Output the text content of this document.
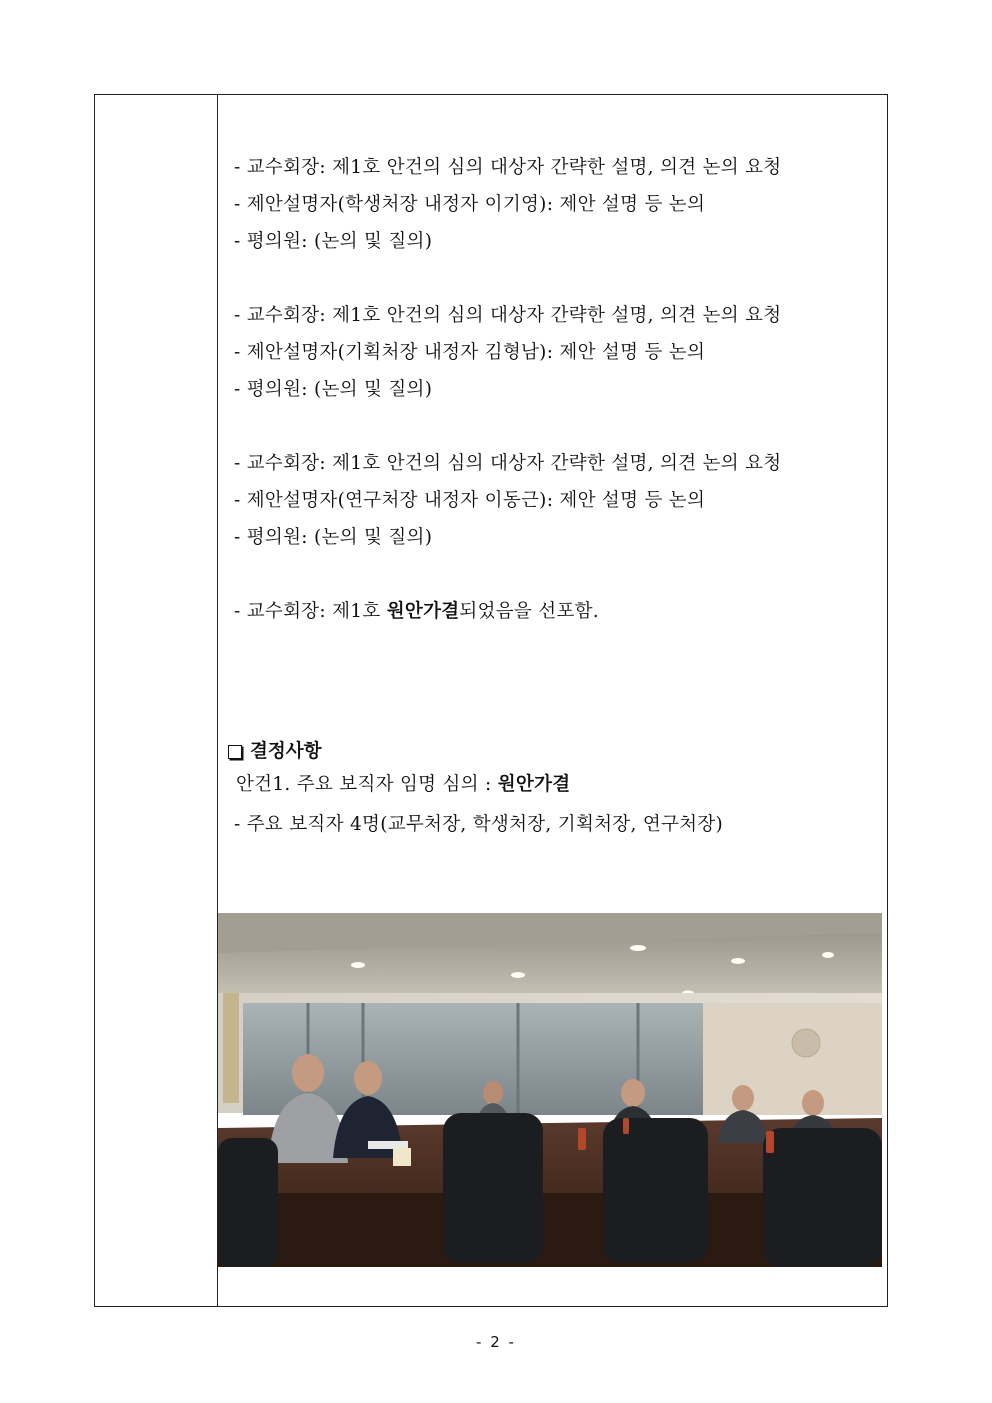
- 교수회장: 제1호 안건의 심의 대상자 간략한 설명, 의견 논의 요청
- 제안설명자(학생처장 내정자 이기영): 제안 설명 등 논의
- 평의원: (논의 및 질의)
- 교수회장: 제1호 안건의 심의 대상자 간략한 설명, 의견 논의 요청
- 제안설명자(기획처장 내정자 김형남): 제안 설명 등 논의
- 평의원: (논의 및 질의)
- 교수회장: 제1호 안건의 심의 대상자 간략한 설명, 의견 논의 요청
- 제안설명자(연구처장 내정자 이동근): 제안 설명 등 논의
- 평의원: (논의 및 질의)
- 교수회장: 제1호 원안가결되었음을 선포함.
결정사항
안건1. 주요 보직자 임명 심의 : 원안가결
- 주요 보직자 4명(교무처장, 학생처장, 기획처장, 연구처장)
- 2 -
